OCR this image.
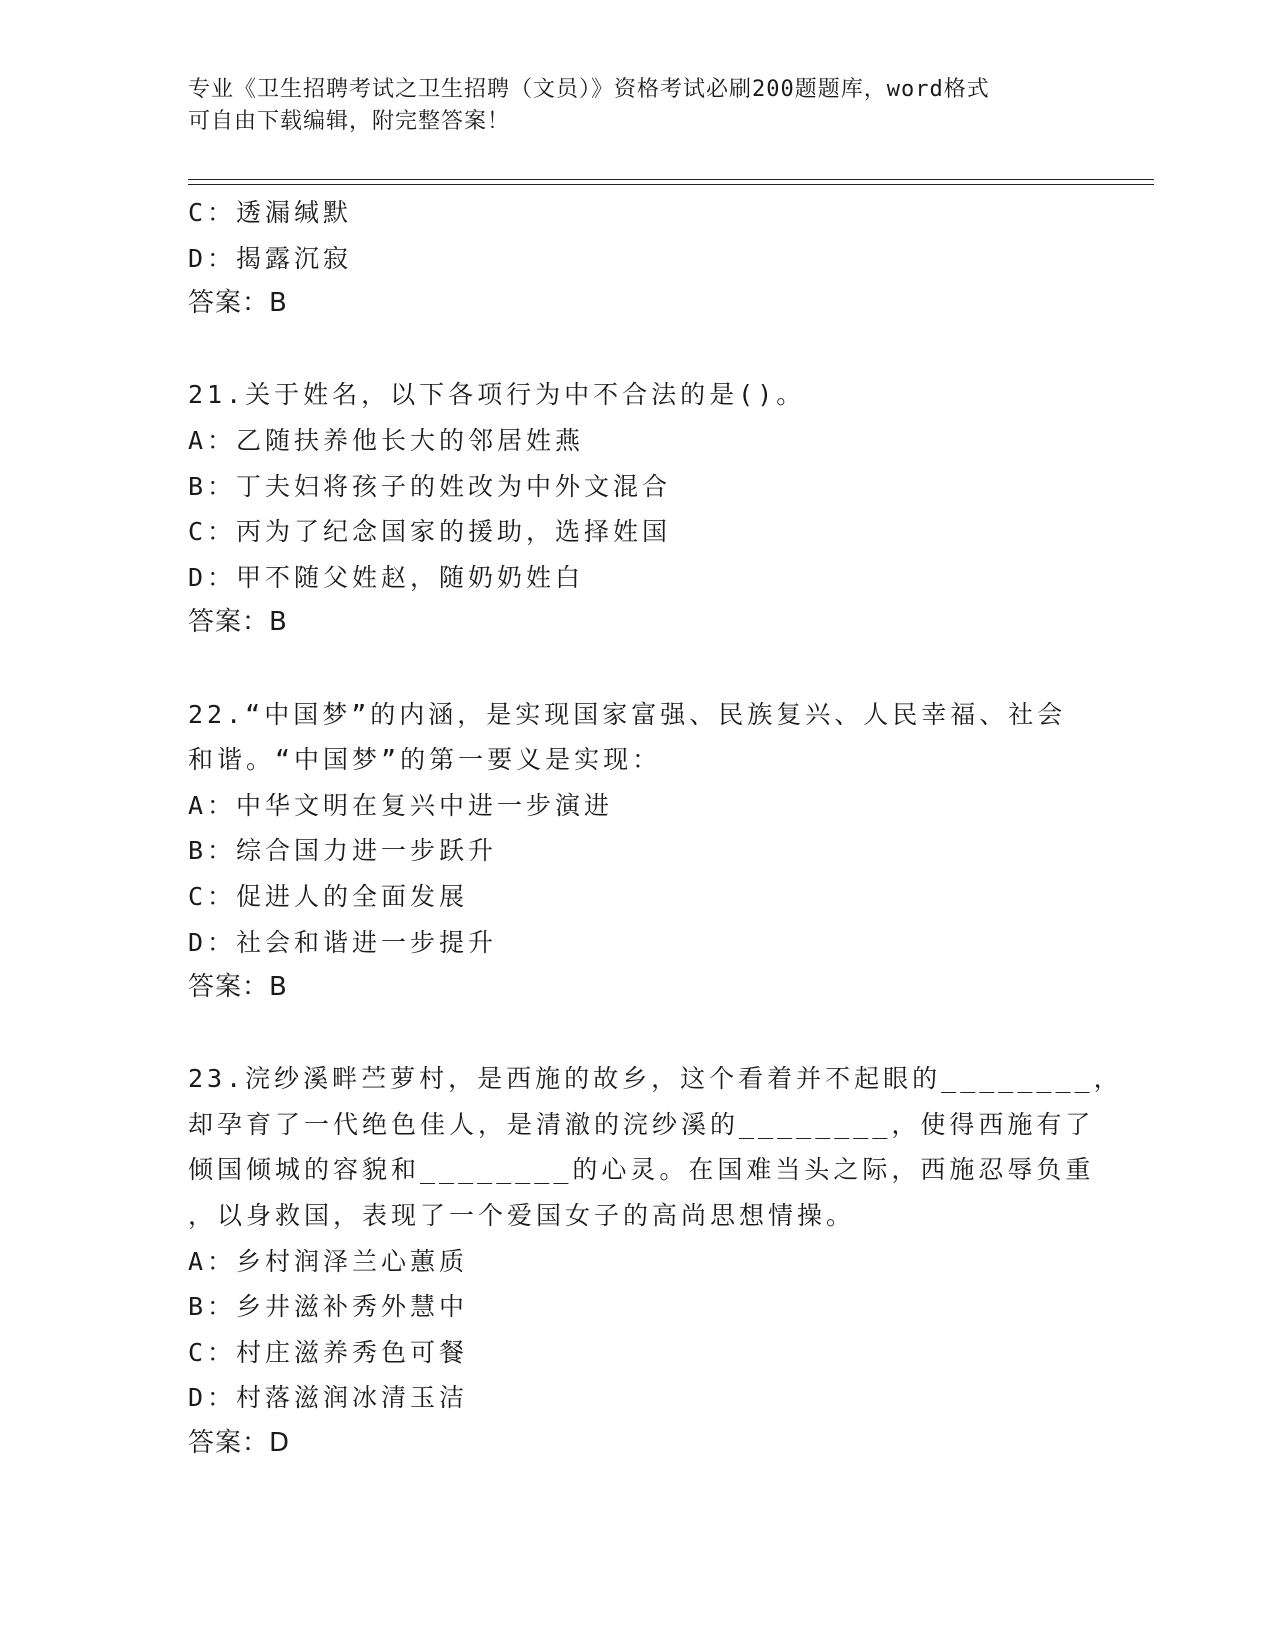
专业《卫生招聘考试之卫生招聘（文员）》资格考试必刷200题题库，word格式
可自由下载编辑，附完整答案！
C：透漏缄默
D：揭露沉寂
答案：B
21.关于姓名，以下各项行为中不合法的是()。
A：乙随扶养他长大的邻居姓燕
B：丁夫妇将孩子的姓改为中外文混合
C：丙为了纪念国家的援助，选择姓国
D：甲不随父姓赵，随奶奶姓白
答案：B
22.“中国梦”的内涵，是实现国家富强、民族复兴、人民幸福、社会
和谐。“中国梦”的第一要义是实现：
A：中华文明在复兴中进一步演进
B：综合国力进一步跃升
C：促进人的全面发展
D：社会和谐进一步提升
答案：B
23.浣纱溪畔苎萝村，是西施的故乡，这个看着并不起眼的________，
却孕育了一代绝色佳人，是清澈的浣纱溪的________，使得西施有了
倾国倾城的容貌和________的心灵。在国难当头之际，西施忍辱负重
，以身救国，表现了一个爱国女子的高尚思想情操。
A：乡村润泽兰心蕙质
B：乡井滋补秀外慧中
C：村庄滋养秀色可餐
D：村落滋润冰清玉洁
答案：D
